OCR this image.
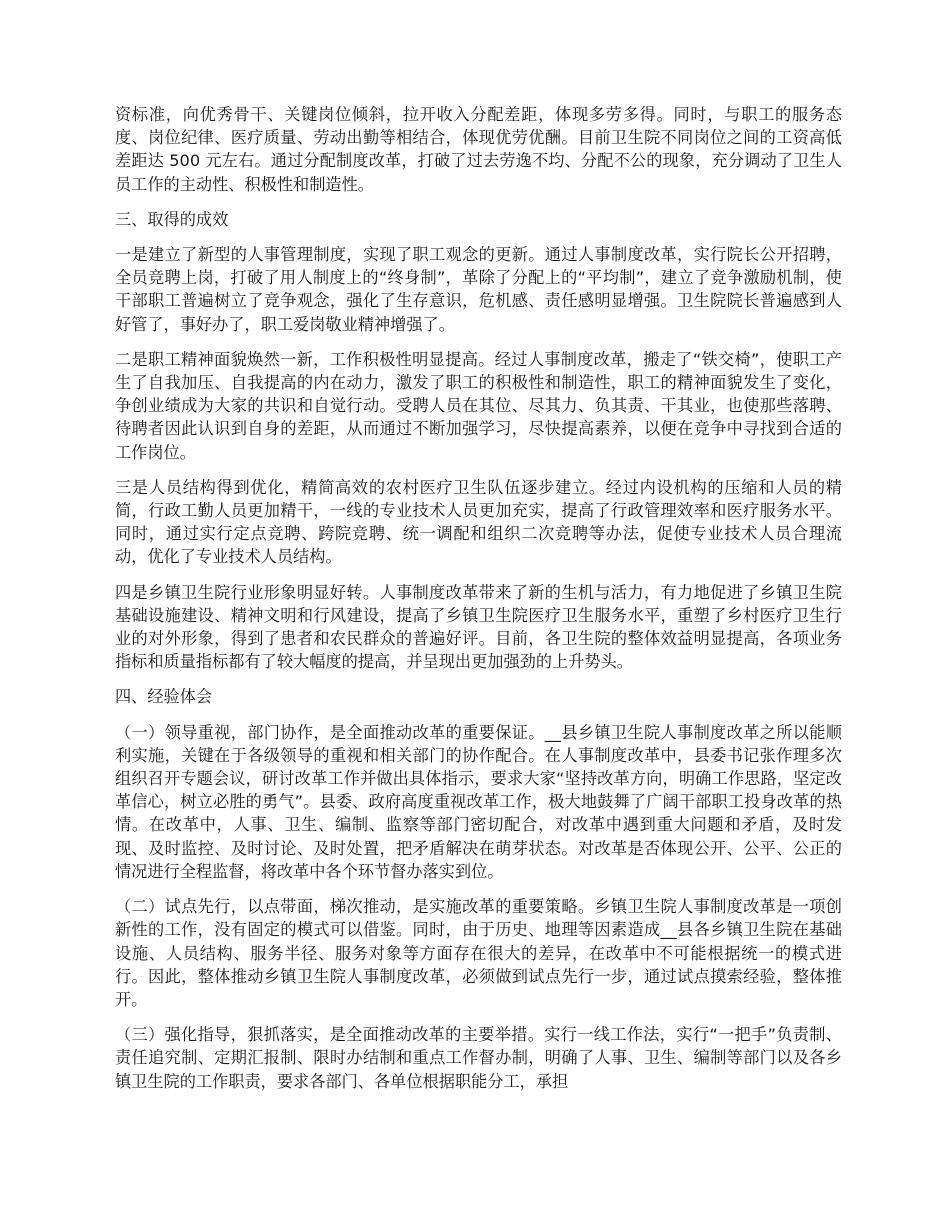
资标准，向优秀骨干、关键岗位倾斜，拉开收入分配差距，体现多劳多得。同时，与职工的服务态度、岗位纪律、医疗质量、劳动出勤等相结合，体现优劳优酬。目前卫生院不同岗位之间的工资高低差距达 500 元左右。通过分配制度改革，打破了过去劳逸不均、分配不公的现象，充分调动了卫生人员工作的主动性、积极性和制造性。

三、取得的成效

一是建立了新型的人事管理制度，实现了职工观念的更新。通过人事制度改革，实行院长公开招聘，全员竞聘上岗，打破了用人制度上的“终身制”，革除了分配上的“平均制”，建立了竞争激励机制，使干部职工普遍树立了竞争观念，强化了生存意识，危机感、责任感明显增强。卫生院院长普遍感到人好管了，事好办了，职工爱岗敬业精神增强了。

二是职工精神面貌焕然一新，工作积极性明显提高。经过人事制度改革，搬走了“铁交椅”，使职工产生了自我加压、自我提高的内在动力，激发了职工的积极性和制造性，职工的精神面貌发生了变化，争创业绩成为大家的共识和自觉行动。受聘人员在其位、尽其力、负其责、干其业，也使那些落聘、待聘者因此认识到自身的差距，从而通过不断加强学习，尽快提高素养，以便在竞争中寻找到合适的工作岗位。

三是人员结构得到优化，精简高效的农村医疗卫生队伍逐步建立。经过内设机构的压缩和人员的精简，行政工勤人员更加精干，一线的专业技术人员更加充实，提高了行政管理效率和医疗服务水平。同时，通过实行定点竞聘、跨院竞聘、统一调配和组织二次竞聘等办法，促使专业技术人员合理流动，优化了专业技术人员结构。

四是乡镇卫生院行业形象明显好转。人事制度改革带来了新的生机与活力，有力地促进了乡镇卫生院基础设施建设、精神文明和行风建设，提高了乡镇卫生院医疗卫生服务水平，重塑了乡村医疗卫生行业的对外形象，得到了患者和农民群众的普遍好评。目前，各卫生院的整体效益明显提高，各项业务指标和质量指标都有了较大幅度的提高，并呈现出更加强劲的上升势头。

四、经验体会

（一）领导重视，部门协作，是全面推动改革的重要保证。__县乡镇卫生院人事制度改革之所以能顺利实施，关键在于各级领导的重视和相关部门的协作配合。在人事制度改革中，县委书记张作理多次组织召开专题会议，研讨改革工作并做出具体指示，要求大家“坚持改革方向，明确工作思路，坚定改革信心，树立必胜的勇气”。县委、政府高度重视改革工作，极大地鼓舞了广阔干部职工投身改革的热情。在改革中，人事、卫生、编制、监察等部门密切配合，对改革中遇到重大问题和矛盾，及时发现、及时监控、及时讨论、及时处置，把矛盾解决在萌芽状态。对改革是否体现公开、公平、公正的情况进行全程监督，将改革中各个环节督办落实到位。

（二）试点先行，以点带面，梯次推动，是实施改革的重要策略。乡镇卫生院人事制度改革是一项创新性的工作，没有固定的模式可以借鉴。同时，由于历史、地理等因素造成__县各乡镇卫生院在基础设施、人员结构、服务半径、服务对象等方面存在很大的差异，在改革中不可能根据统一的模式进行。因此，整体推动乡镇卫生院人事制度改革，必须做到试点先行一步，通过试点摸索经验，整体推开。

（三）强化指导，狠抓落实，是全面推动改革的主要举措。实行一线工作法，实行“一把手”负责制、责任追究制、定期汇报制、限时办结制和重点工作督办制，明确了人事、卫生、编制等部门以及各乡镇卫生院的工作职责，要求各部门、各单位根据职能分工，承担
